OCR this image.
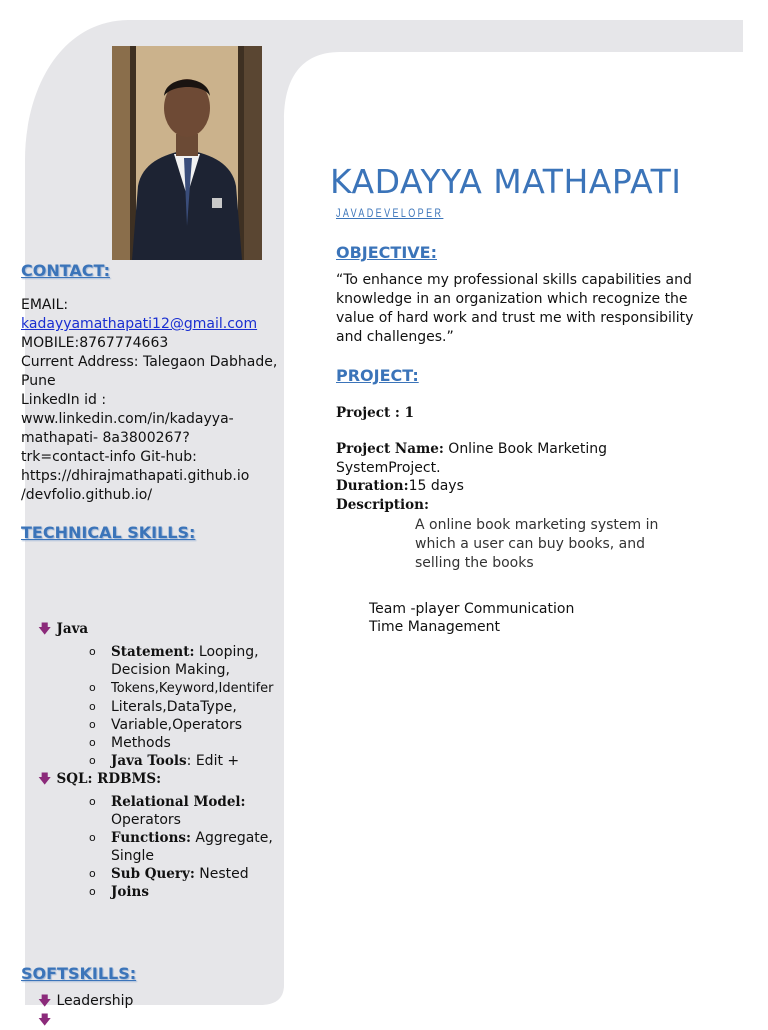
KADAYYA MATHAPATI
JAVADEVELOPER
OBJECTIVE:
“To enhance my professional skills capabilities and knowledge in an organization which recognize the value of hard work and trust me with responsibility and challenges.”
PROJECT:
Project : 1
Project Name: Online Book Marketing SystemProject.
Duration:15 days
Description:
A online book marketing system in which a user can buy books, and selling the books
Team -player Communication
Time Management
CONTACT:
EMAIL:
kadayyamathapati12@gmail.com
MOBILE:8767774663
Current Address: Talegaon Dabhade, Pune
LinkedIn id :
www.linkedin.com/in/kadayya-
mathapati- 8a3800267?
trk=contact-info Git-hub:
https://dhirajmathapati.github.io
/devfolio.github.io/
TECHNICAL SKILLS:
🡇 Java
o Statement: Looping, Decision Making,
o Tokens,Keyword,Identifer
o Literals,DataType,
o Variable,Operators
o Methods
o Java Tools: Edit +
🡇 SQL: RDBMS:
o Relational Model: Operators
o Functions: Aggregate, Single
o Sub Query: Nested
o Joins
SOFTSKILLS:
🡇 Leadership
🡇
